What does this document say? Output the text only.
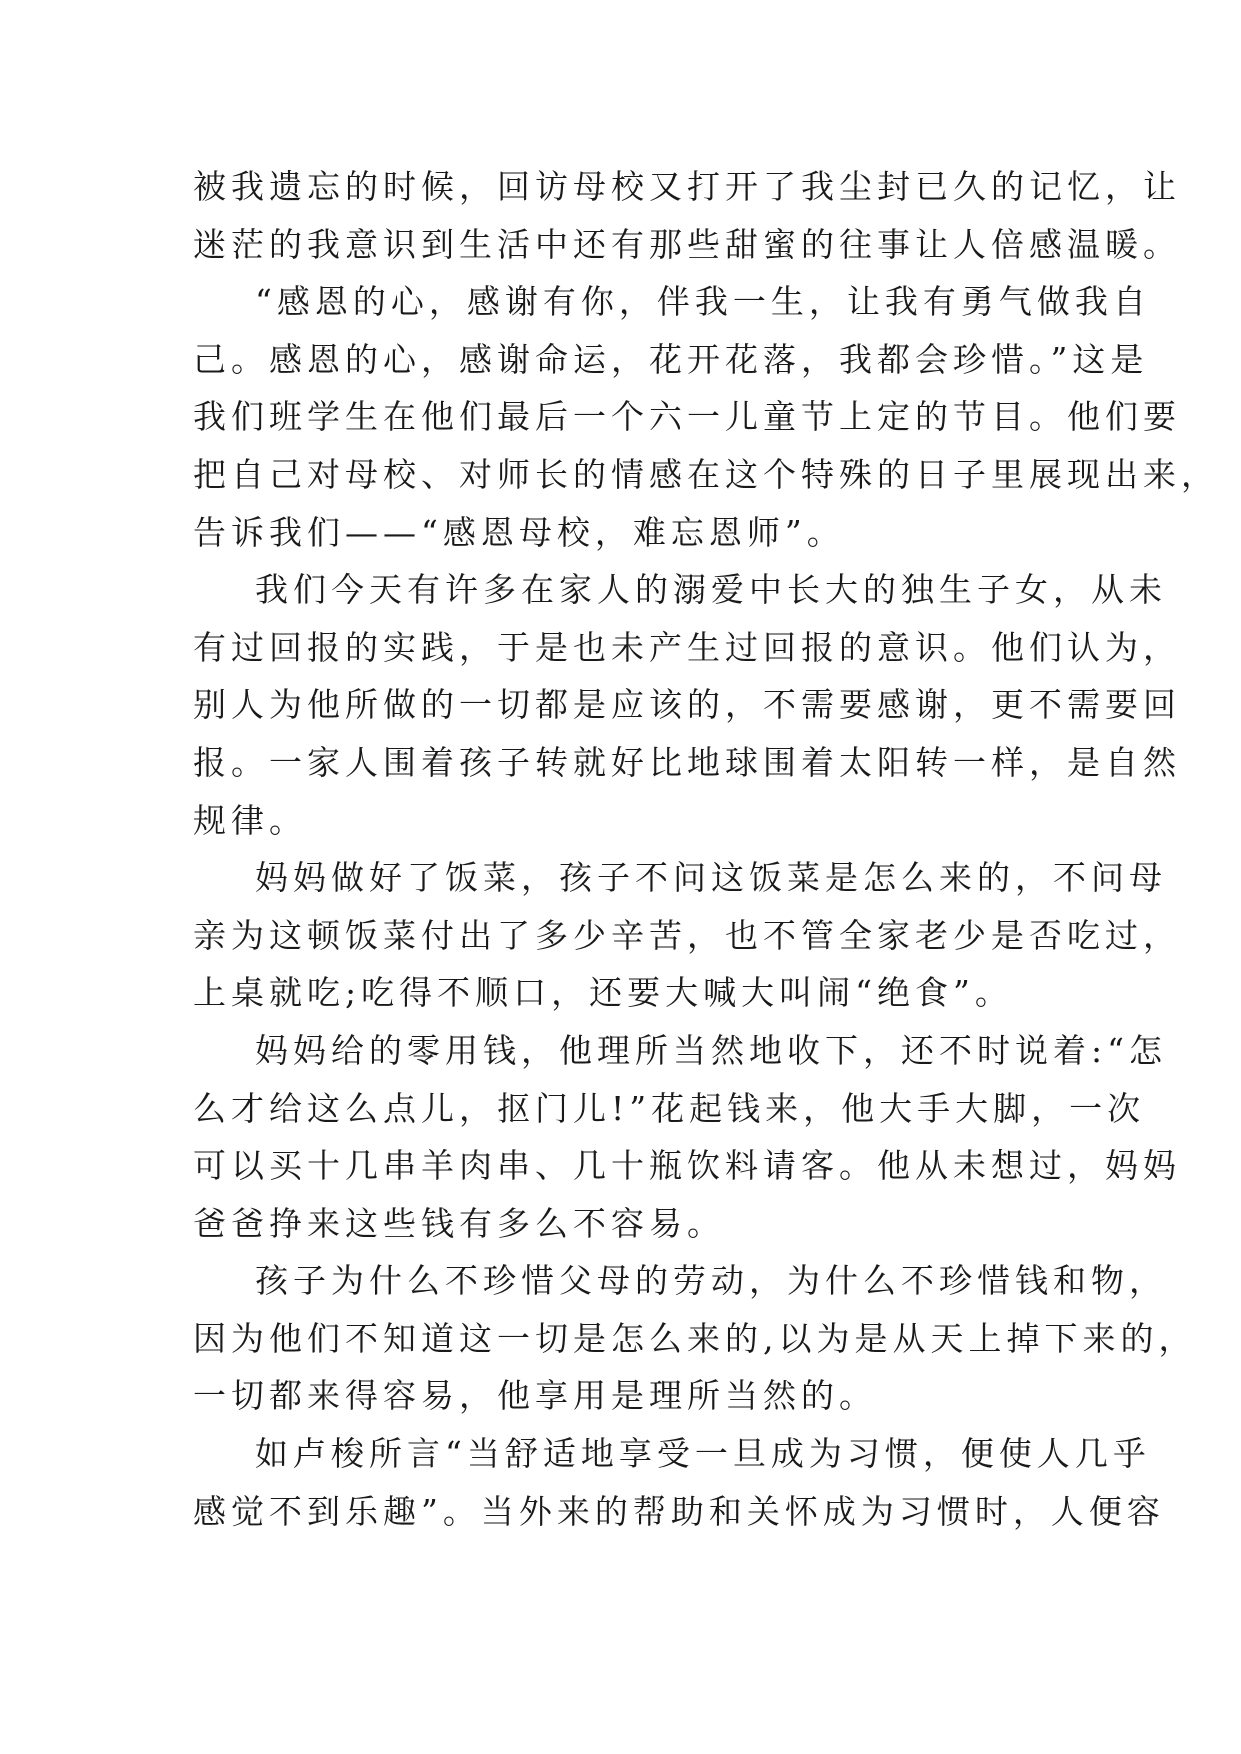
被我遗忘的时候，回访母校又打开了我尘封已久的记忆，让
迷茫的我意识到生活中还有那些甜蜜的往事让人倍感温暖。
“感恩的心，感谢有你，伴我一生，让我有勇气做我自
己。感恩的心，感谢命运，花开花落，我都会珍惜。”这是
我们班学生在他们最后一个六一儿童节上定的节目。他们要
把自己对母校、对师长的情感在这个特殊的日子里展现出来，
告诉我们——“感恩母校，难忘恩师”。
我们今天有许多在家人的溺爱中长大的独生子女，从未
有过回报的实践，于是也未产生过回报的意识。他们认为，
别人为他所做的一切都是应该的，不需要感谢，更不需要回
报。一家人围着孩子转就好比地球围着太阳转一样，是自然
规律。
妈妈做好了饭菜，孩子不问这饭菜是怎么来的，不问母
亲为这顿饭菜付出了多少辛苦，也不管全家老少是否吃过，
上桌就吃;吃得不顺口，还要大喊大叫闹“绝食”。
妈妈给的零用钱，他理所当然地收下，还不时说着:“怎
么才给这么点儿，抠门儿!”花起钱来，他大手大脚，一次
可以买十几串羊肉串、几十瓶饮料请客。他从未想过，妈妈
爸爸挣来这些钱有多么不容易。
孩子为什么不珍惜父母的劳动，为什么不珍惜钱和物，
因为他们不知道这一切是怎么来的,以为是从天上掉下来的，
一切都来得容易，他享用是理所当然的。
如卢梭所言“当舒适地享受一旦成为习惯，便使人几乎
感觉不到乐趣”。当外来的帮助和关怀成为习惯时，人便容
